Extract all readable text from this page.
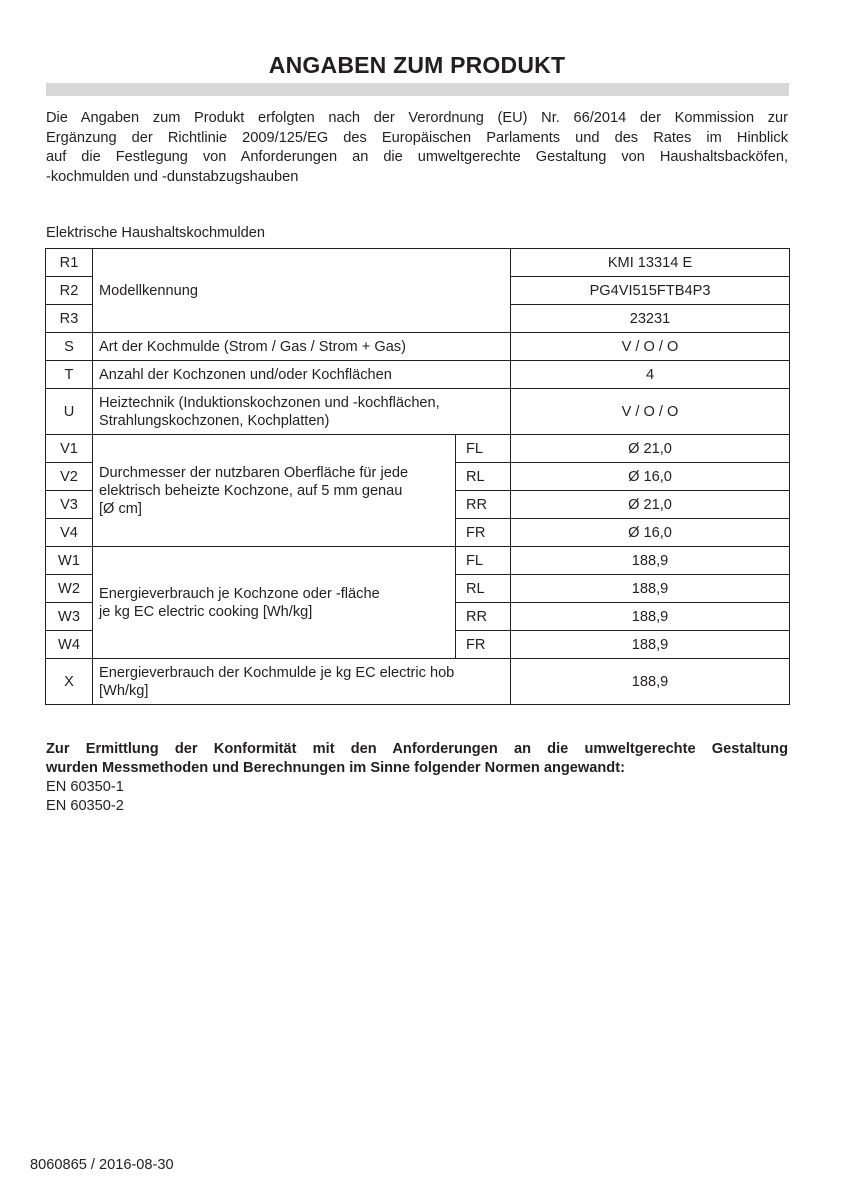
ANGABEN ZUM PRODUKT
Die Angaben zum Produkt erfolgten nach der Verordnung (EU) Nr. 66/2014 der Kommission zur
Ergänzung der Richtlinie 2009/125/EG des Europäischen Parlaments und des Rates im Hinblick
auf die Festlegung von Anforderungen an die umweltgerechte Gestaltung von Haushaltsbacköfen,
-kochmulden und -dunstabzugshauben
Elektrische Haushaltskochmulden
R1	Modellkennung		KMI 13314 E
R2			PG4VI515FTB4P3
R3			23231
S	Art der Kochmulde (Strom / Gas / Strom + Gas)		V / O / O
T	Anzahl der Kochzonen und/oder Kochflächen		4
U	Heiztechnik (Induktionskochzonen und -kochflächen,
Strahlungskochzonen, Kochplatten)		V / O / O
V1	Durchmesser der nutzbaren Oberfläche für jede
elektrisch beheizte Kochzone, auf 5 mm genau
[Ø cm]	FL	Ø 21,0
V2		RL	Ø 16,0
V3		RR	Ø 21,0
V4		FR	Ø 16,0
W1	Energieverbrauch je Kochzone oder -fläche
je kg EC electric cooking [Wh/kg]	FL	188,9
W2		RL	188,9
W3		RR	188,9
W4		FR	188,9
X	Energieverbrauch der Kochmulde je kg EC electric hob
[Wh/kg]		188,9
Zur Ermittlung der Konformität mit den Anforderungen an die umweltgerechte Gestaltung
wurden Messmethoden und Berechnungen im Sinne folgender Normen angewandt:
EN 60350-1
EN 60350-2
8060865 / 2016-08-30
